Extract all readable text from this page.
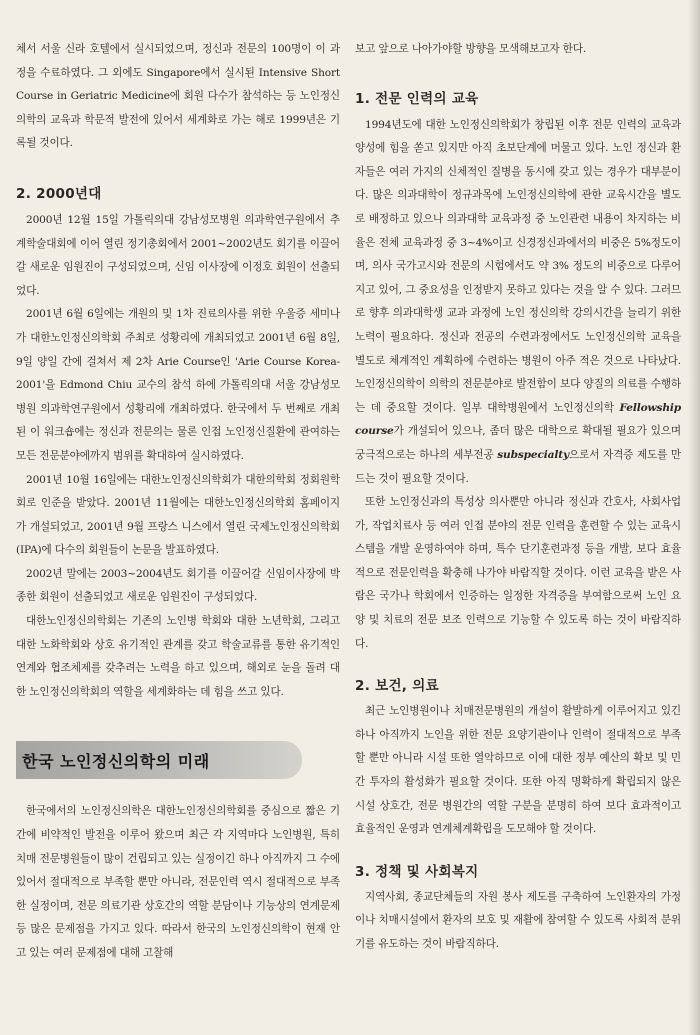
체서 서울 신라 호텔에서 실시되었으며, 정신과 전문의 100명이 이 과정을 수료하였다. 그 외에도 Singapore에서 실시된 Intensive Short Course in Geriatric Medicine에 회원 다수가 참석하는 등 노인정신의학의 교육과 학문적 발전에 있어서 세계화로 가는 해로 1999년은 기록될 것이다.

2. 2000년대

2000년 12월 15일 가톨릭의대 강남성모병원 의과학연구원에서 추계학술대회에 이어 열린 정기총회에서 2001~2002년도 회기를 이끌어갈 새로운 임원진이 구성되었으며, 신임 이사장에 이정호 회원이 선출되었다.

2001년 6월 6일에는 개원의 및 1차 진료의사를 위한 우울증 세미나가 대한노인정신의학회 주최로 성황리에 개최되었고 2001년 6월 8일, 9일 양일 간에 걸쳐서 제 2차 Arie Course인 'Arie Course Korea-2001'을 Edmond Chiu 교수의 참석 하에 가톨릭의대 서울 강남성모병원 의과학연구원에서 성황리에 개최하였다. 한국에서 두 번째로 개최된 이 워크숍에는 정신과 전문의는 물론 인접 노인정신질환에 관여하는 모든 전문분야에까지 범위를 확대하여 실시하였다.

2001년 10월 16일에는 대한노인정신의학회가 대한의학회 정회원학회로 인준을 받았다. 2001년 11월에는 대한노인정신의학회 홈페이지가 개설되었고, 2001년 9월 프랑스 니스에서 열린 국제노인정신의학회(IPA)에 다수의 회원들이 논문을 발표하였다.

2002년 말에는 2003~2004년도 회기를 이끌어갈 신임이사장에 박종한 회원이 선출되었고 새로운 임원진이 구성되었다.

대한노인정신의학회는 기존의 노인병 학회와 대한 노년학회, 그리고 대한 노화학회와 상호 유기적인 관계를 갖고 학술교류를 통한 유기적인 연계와 협조체제를 갖추려는 노력을 하고 있으며, 해외로 눈을 돌려 대한 노인정신의학회의 역할을 세계화하는 데 힘을 쓰고 있다.

한국 노인정신의학의 미래

한국에서의 노인정신의학은 대한노인정신의학회를 중심으로 짧은 기간에 비약적인 발전을 이루어 왔으며 최근 각 지역마다 노인병원, 특히 치매 전문병원들이 많이 건립되고 있는 실정이긴 하나 아직까지 그 수에 있어서 절대적으로 부족할 뿐만 아니라, 전문인력 역시 절대적으로 부족한 실정이며, 전문 의료기관 상호간의 역할 분담이나 기능상의 연계문제 등 많은 문제점을 가지고 있다. 따라서 한국의 노인정신의학이 현재 안고 있는 여러 문제점에 대해 고찰해

보고 앞으로 나아가야할 방향을 모색해보고자 한다.

1. 전문 인력의 교육

1994년도에 대한 노인정신의학회가 창립된 이후 전문 인력의 교육과 양성에 힘을 쏟고 있지만 아직 초보단계에 머물고 있다. 노인 정신과 환자들은 여러 가지의 신체적인 질병을 동시에 갖고 있는 경우가 대부분이다. 많은 의과대학이 정규과목에 노인정신의학에 관한 교육시간을 별도로 배정하고 있으나 의과대학 교육과정 중 노인관련 내용이 차지하는 비율은 전체 교육과정 중 3~4%이고 신경정신과에서의 비중은 5%정도이며, 의사 국가고시와 전문의 시험에서도 약 3% 정도의 비중으로 다루어지고 있어, 그 중요성을 인정받지 못하고 있다는 것을 알 수 있다. 그러므로 향후 의과대학생 교과 과정에 노인 정신의학 강의시간을 늘리기 위한 노력이 필요하다. 정신과 전공의 수련과정에서도 노인정신의학 교육을 별도로 체계적인 계획하에 수련하는 병원이 아주 적은 것으로 나타났다. 노인정신의학이 의학의 전문분야로 발전함이 보다 양질의 의료를 수행하는 데 중요할 것이다. 일부 대학병원에서 노인정신의학 Fellowship course가 개설되어 있으나, 좀더 많은 대학으로 확대될 필요가 있으며 궁극적으로는 하나의 세부전공 subspecialty으로서 자격증 제도를 만드는 것이 필요할 것이다.

또한 노인정신과의 특성상 의사뿐만 아니라 정신과 간호사, 사회사업가, 작업치료사 등 여러 인접 분야의 전문 인력을 훈련할 수 있는 교육시스템을 개발 운영하여야 하며, 특수 단기훈련과정 등을 개발, 보다 효율적으로 전문인력을 확충해 나가야 바람직할 것이다. 이런 교육을 받은 사람은 국가나 학회에서 인증하는 일정한 자격증을 부여함으로써 노인 요양 및 치료의 전문 보조 인력으로 기능할 수 있도록 하는 것이 바람직하다.

2. 보건, 의료

최근 노인병원이나 치매전문병원의 개설이 활발하게 이루어지고 있긴 하나 아직까지 노인을 위한 전문 요양기관이나 인력이 절대적으로 부족할 뿐만 아니라 시설 또한 열악하므로 이에 대한 정부 예산의 확보 및 민간 투자의 활성화가 필요할 것이다. 또한 아직 명확하게 확립되지 않은 시설 상호간, 전문 병원간의 역할 구분을 분명히 하여 보다 효과적이고 효율적인 운영과 연계체계확립을 도모해야 할 것이다.

3. 정책 및 사회복지

지역사회, 종교단체들의 자원 봉사 제도를 구축하여 노인환자의 가정이나 치매시설에서 환자의 보호 및 재활에 참여할 수 있도록 사회적 분위기를 유도하는 것이 바람직하다.
